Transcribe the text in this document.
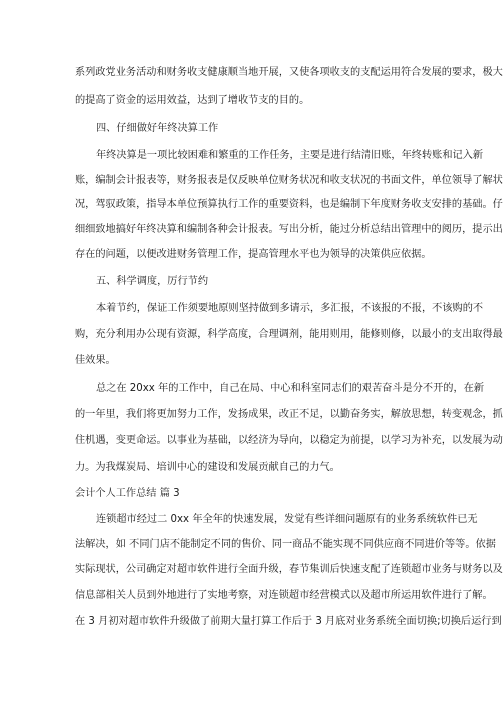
系列政党业务活动和财务收支健康顺当地开展，又使各项收支的支配运用符合发展的要求，极大
的提高了资金的运用效益，达到了增收节支的目的。
四、仔细做好年终决算工作
年终决算是一项比较困难和繁重的工作任务，主要是进行结清旧账，年终转账和记入新
账，编制会计报表等，财务报表是仅反映单位财务状况和收支状况的书面文件，单位领导了解状
况，驾驭政策，指导本单位预算执行工作的重要资料，也是编制下年度财务收支安排的基础。仔
细细致地搞好年终决算和编制各种会计报表。写出分析，能过分析总结出管理中的阅历，提示出
存在的问题，以便改进财务管理工作，提高管理水平也为领导的决策供应依据。
五、科学调度，厉行节约
本着节约，保证工作须要地原则坚持做到多请示，多汇报，不该报的不报，不该购的不
购，充分利用办公现有资源，科学高度，合理调剂，能用则用，能修则修，以最小的支出取得最
佳效果。
总之在 20xx 年的工作中，自己在局、中心和科室同志们的艰苦奋斗是分不开的，在新
的一年里，我们将更加努力工作，发扬成果，改正不足，以勤奋务实，解放思想，转变观念，抓
住机遇，变更命运。以事业为基础，以经济为导向，以稳定为前提，以学习为补充，以发展为动
力。为我煤炭局、培训中心的建设和发展贡献自己的力气。
会计个人工作总结 篇 3
连锁超市经过二 0xx 年全年的快速发展，发觉有些详细问题原有的业务系统软件已无
法解决，如 不同门店不能制定不同的售价、同一商品不能实现不同供应商不同进价等等。依据
实际现状，公司确定对超市软件进行全面升级，春节集训后快速支配了连锁超市业务与财务以及
信息部相关人员到外地进行了实地考察，对连锁超市经营模式以及超市所运用软件进行了解。
在 3 月初对超市软件升级做了前期大量打算工作后于 3 月底对业务系统全面切换;切换后运行到
